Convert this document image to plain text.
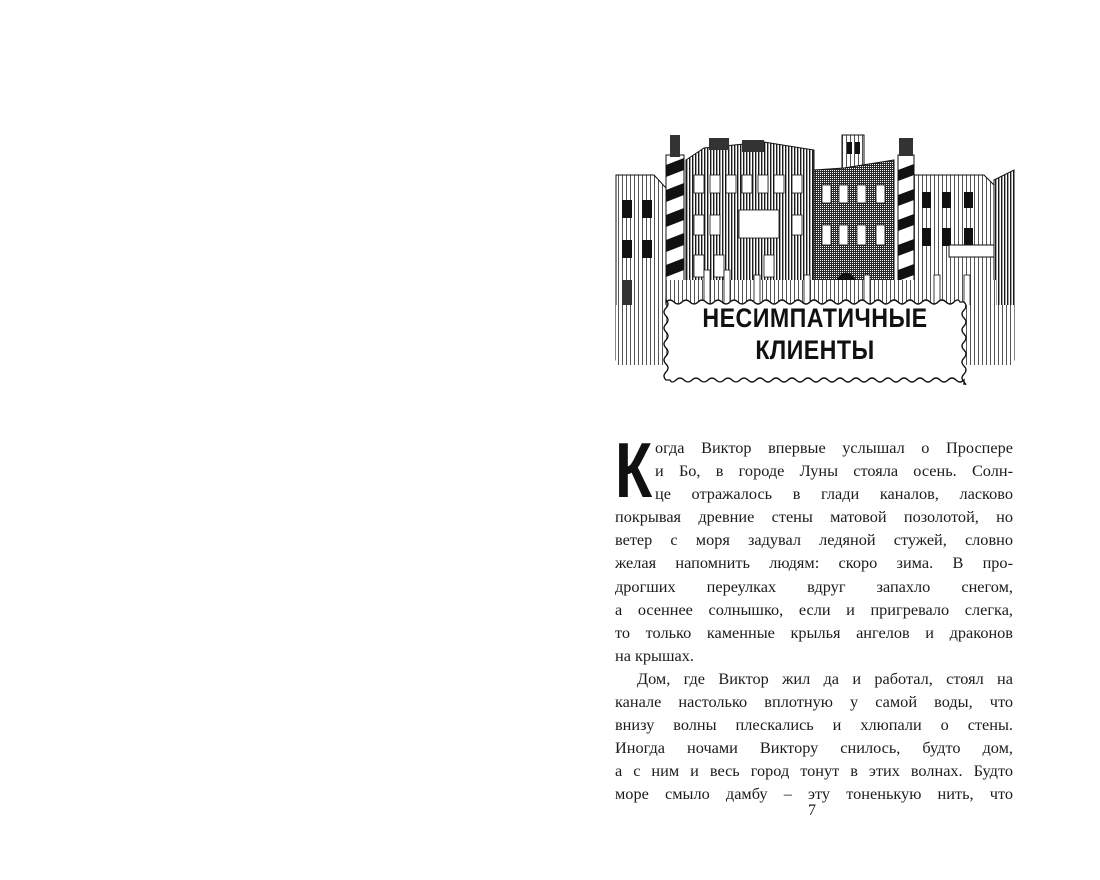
НЕСИМПАТИЧНЫЕ
КЛИЕНТЫ
К огда Виктор впервые услышал о Проспере
и Бо, в городе Луны стояла осень. Солн-
це отражалось в глади каналов, ласково
покрывая древние стены матовой позолотой, но
ветер с моря задувал ледяной стужей, словно
желая напомнить людям: скоро зима. В про-
дрогших переулках вдруг запахло снегом,
а осеннее солнышко, если и пригревало слегка,
то только каменные крылья ангелов и драконов
на крышах.
Дом, где Виктор жил да и работал, стоял на
канале настолько вплотную у самой воды, что
внизу волны плескались и хлюпали о стены.
Иногда ночами Виктору снилось, будто дом,
а с ним и весь город тонут в этих волнах. Будто
море смыло дамбу – эту тоненькую нить, что
7
